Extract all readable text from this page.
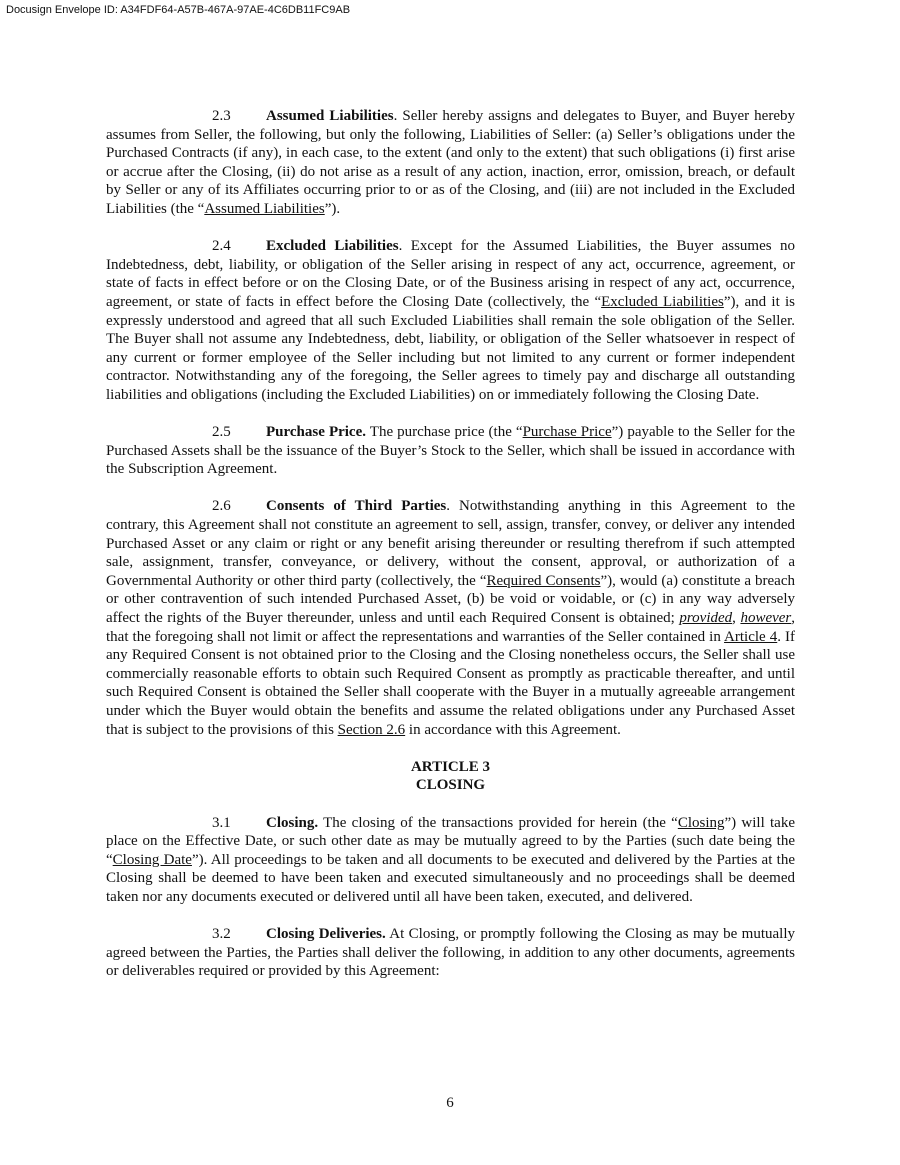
Docusign Envelope ID: A34FDF64-A57B-467A-97AE-4C6DB11FC9AB

2.3 Assumed Liabilities. Seller hereby assigns and delegates to Buyer, and Buyer hereby assumes from Seller, the following, but only the following, Liabilities of Seller: (a) Seller’s obligations under the Purchased Contracts (if any), in each case, to the extent (and only to the extent) that such obligations (i) first arise or accrue after the Closing, (ii) do not arise as a result of any action, inaction, error, omission, breach, or default by Seller or any of its Affiliates occurring prior to or as of the Closing, and (iii) are not included in the Excluded Liabilities (the “Assumed Liabilities”).

2.4 Excluded Liabilities. Except for the Assumed Liabilities, the Buyer assumes no Indebtedness, debt, liability, or obligation of the Seller arising in respect of any act, occurrence, agreement, or state of facts in effect before or on the Closing Date, or of the Business arising in respect of any act, occurrence, agreement, or state of facts in effect before the Closing Date (collectively, the “Excluded Liabilities”), and it is expressly understood and agreed that all such Excluded Liabilities shall remain the sole obligation of the Seller. The Buyer shall not assume any Indebtedness, debt, liability, or obligation of the Seller whatsoever in respect of any current or former employee of the Seller including but not limited to any current or former independent contractor. Notwithstanding any of the foregoing, the Seller agrees to timely pay and discharge all outstanding liabilities and obligations (including the Excluded Liabilities) on or immediately following the Closing Date.

2.5 Purchase Price. The purchase price (the “Purchase Price”) payable to the Seller for the Purchased Assets shall be the issuance of the Buyer’s Stock to the Seller, which shall be issued in accordance with the Subscription Agreement.

2.6 Consents of Third Parties. Notwithstanding anything in this Agreement to the contrary, this Agreement shall not constitute an agreement to sell, assign, transfer, convey, or deliver any intended Purchased Asset or any claim or right or any benefit arising thereunder or resulting therefrom if such attempted sale, assignment, transfer, conveyance, or delivery, without the consent, approval, or authorization of a Governmental Authority or other third party (collectively, the “Required Consents”), would (a) constitute a breach or other contravention of such intended Purchased Asset, (b) be void or voidable, or (c) in any way adversely affect the rights of the Buyer thereunder, unless and until each Required Consent is obtained; provided, however, that the foregoing shall not limit or affect the representations and warranties of the Seller contained in Article 4. If any Required Consent is not obtained prior to the Closing and the Closing nonetheless occurs, the Seller shall use commercially reasonable efforts to obtain such Required Consent as promptly as practicable thereafter, and until such Required Consent is obtained the Seller shall cooperate with the Buyer in a mutually agreeable arrangement under which the Buyer would obtain the benefits and assume the related obligations under any Purchased Asset that is subject to the provisions of this Section 2.6 in accordance with this Agreement.

ARTICLE 3
CLOSING

3.1 Closing. The closing of the transactions provided for herein (the “Closing”) will take place on the Effective Date, or such other date as may be mutually agreed to by the Parties (such date being the “Closing Date”). All proceedings to be taken and all documents to be executed and delivered by the Parties at the Closing shall be deemed to have been taken and executed simultaneously and no proceedings shall be deemed taken nor any documents executed or delivered until all have been taken, executed, and delivered.

3.2 Closing Deliveries. At Closing, or promptly following the Closing as may be mutually agreed between the Parties, the Parties shall deliver the following, in addition to any other documents, agreements or deliverables required or provided by this Agreement:

6
